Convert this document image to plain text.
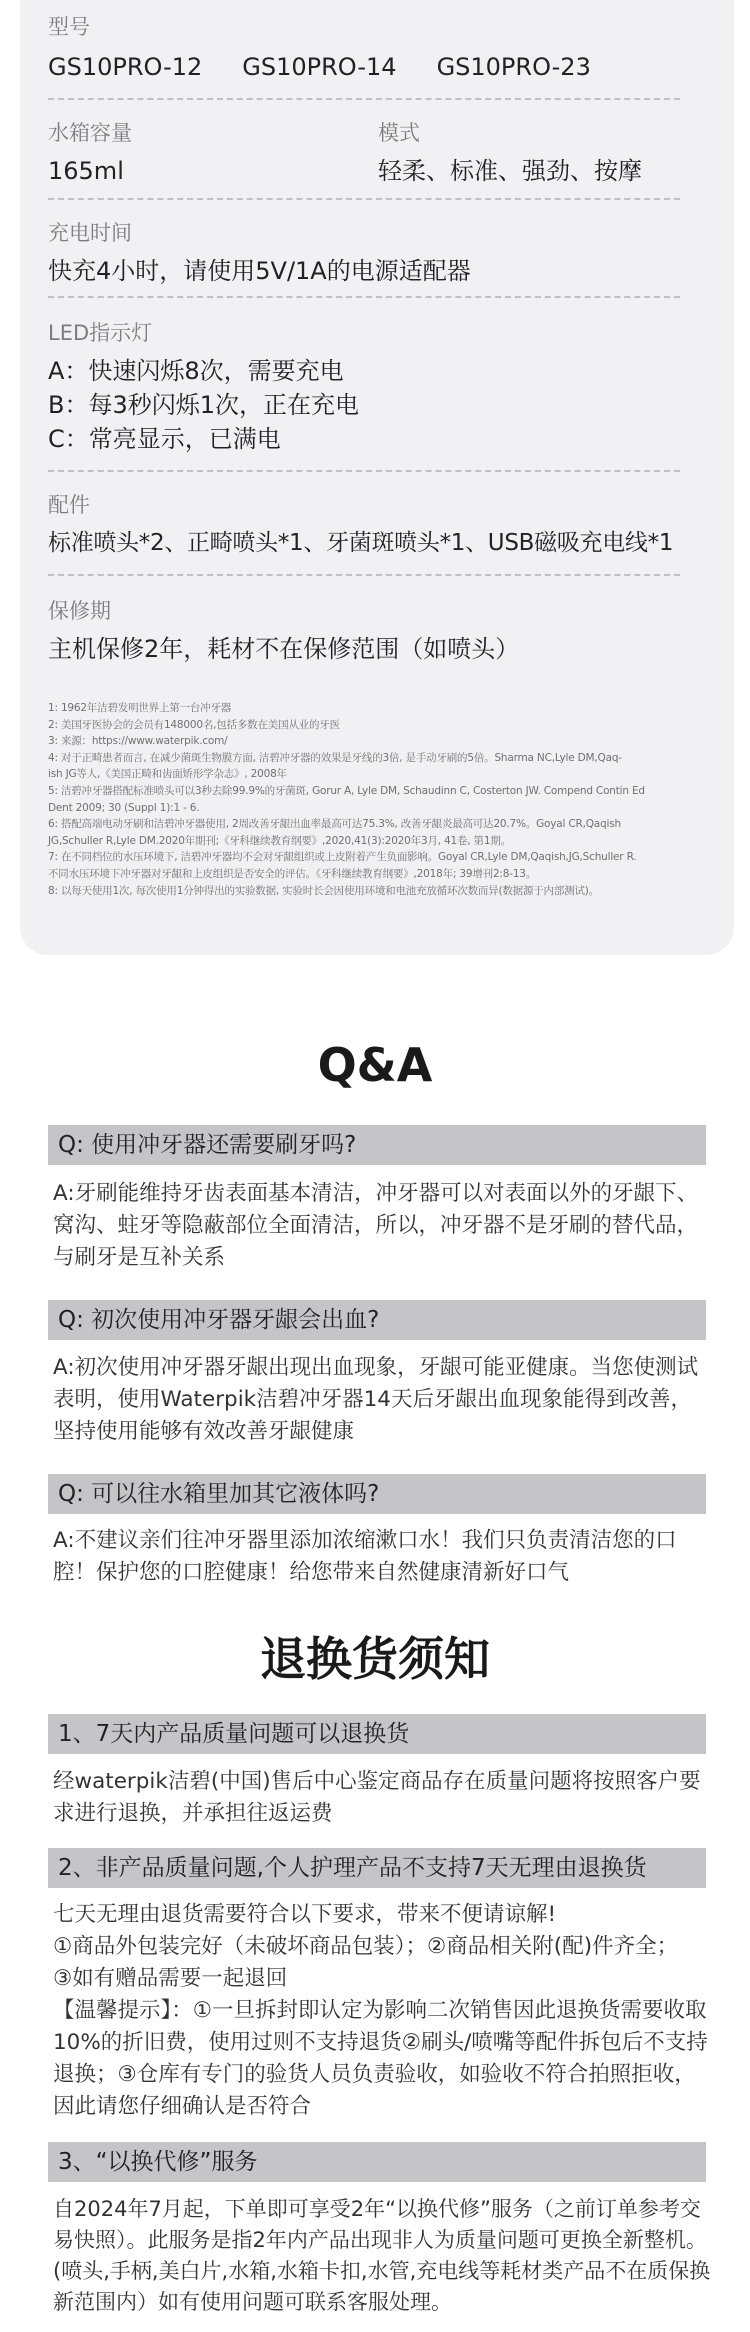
型号
GS10PRO-12 GS10PRO-14 GS10PRO-23
水箱容量
165ml
模式
轻柔、标准、强劲、按摩
充电时间
快充4小时，请使用5V/1A的电源适配器
LED指示灯
A：快速闪烁8次，需要充电
B：每3秒闪烁1次，正在充电
C：常亮显示，已满电
配件
标准喷头*2、正畸喷头*1、牙菌斑喷头*1、USB磁吸充电线*1
保修期
主机保修2年，耗材不在保修范围（如喷头）
1: 1962年洁碧发明世界上第一台冲牙器
2: 美国牙医协会的会员有148000名,包括多数在美国从业的牙医
3: 来源：https://www.waterpik.com/
4: 对于正畸患者而言, 在减少菌斑生物膜方面, 洁碧冲牙器的效果是牙线的3倍, 是手动牙刷的5倍。Sharma NC,Lyle DM,Qaq-
ish JG等人,《美国正畸和齿面矫形学杂志》, 2008年
5: 洁碧冲牙器搭配标准喷头可以3秒去除99.9%的牙菌斑, Gorur A, Lyle DM, Schaudinn C, Costerton JW. Compend Contin Ed
Dent 2009; 30 (Suppl 1):1 - 6.
6: 搭配高端电动牙刷和洁碧冲牙器使用, 2周改善牙龈出血率最高可达75.3%, 改善牙龈炎最高可达20.7%。Goyal CR,Qaqish
JG,Schuller R,Lyle DM.2020年期刊;《牙科继续教育纲要》,2020,41(3):2020年3月, 41卷, 第1期。
7: 在不同档位的水压环境下, 洁碧冲牙器均不会对牙龈组织或上皮附着产生负面影响。Goyal CR,Lyle DM,Qaqish,JG,Schuller R.
不同水压环境下冲牙器对牙龈和上皮组织是否安全的评估。《牙科继续教育纲要》,2018年; 39增刊2:8-13。
8: 以每天使用1次, 每次使用1分钟得出的实验数据, 实验时长会因使用环境和电池充放循环次数而异(数据源于内部测试)。
Q&A
Q: 使用冲牙器还需要刷牙吗?
A:牙刷能维持牙齿表面基本清洁，冲牙器可以对表面以外的牙龈下、窝沟、蛀牙等隐蔽部位全面清洁，所以，冲牙器不是牙刷的替代品，与刷牙是互补关系
Q: 初次使用冲牙器牙龈会出血?
A:初次使用冲牙器牙龈出现出血现象，牙龈可能亚健康。当您使测试表明，使用Waterpik洁碧冲牙器14天后牙龈出血现象能得到改善，坚持使用能够有效改善牙龈健康
Q: 可以往水箱里加其它液体吗?
A:不建议亲们往冲牙器里添加浓缩漱口水！我们只负责清洁您的口腔！保护您的口腔健康！给您带来自然健康清新好口气
退换货须知
1、7天内产品质量问题可以退换货
经waterpik洁碧(中国)售后中心鉴定商品存在质量问题将按照客户要求进行退换，并承担往返运费
2、非产品质量问题,个人护理产品不支持7天无理由退换货

七天无理由退货需要符合以下要求，带来不便请谅解!

①商品外包装完好（未破坏商品包装）；②商品相关附(配)件齐全；

③如有赠品需要一起退回

【温馨提示】：①一旦拆封即认定为影响二次销售因此退换货需要收取10%的折旧费，使用过则不支持退货②刷头/喷嘴等配件拆包后不支持退换；③仓库有专门的验货人员负责验收，如验收不符合拍照拒收，因此请您仔细确认是否符合

3、“以换代修”服务
自2024年7月起，下单即可享受2年“以换代修”服务（之前订单参考交易快照）。此服务是指2年内产品出现非人为质量问题可更换全新整机。(喷头,手柄,美白片,水箱,水箱卡扣,水管,充电线等耗材类产品不在质保换新范围内）如有使用问题可联系客服处理。
